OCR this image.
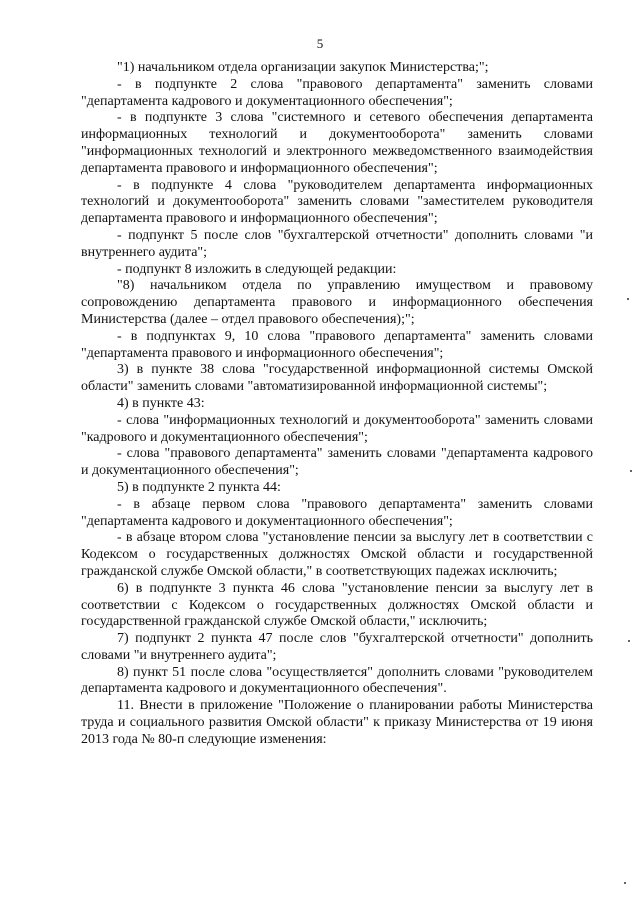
5

"1) начальником отдела организации закупок Министерства;";

- в подпункте 2 слова "правового департамента" заменить словами "департамента кадрового и документационного обеспечения";

- в подпункте 3 слова "системного и сетевого обеспечения департамента информационных технологий и документооборота" заменить словами "информационных технологий и электронного межведомственного взаимодействия департамента правового и информационного обеспечения";

- в подпункте 4 слова "руководителем департамента информационных технологий и документооборота" заменить словами "заместителем руководителя департамента правового и информационного обеспечения";

- подпункт 5 после слов "бухгалтерской отчетности" дополнить словами "и внутреннего аудита";

- подпункт 8 изложить в следующей редакции:

"8) начальником отдела по управлению имуществом и правовому сопровождению департамента правового и информационного обеспечения Министерства (далее – отдел правового обеспечения);";

- в подпунктах 9, 10 слова "правового департамента" заменить словами "департамента правового и информационного обеспечения";

3) в пункте 38 слова "государственной информационной системы Омской области" заменить словами "автоматизированной информационной системы";

4) в пункте 43:

- слова "информационных технологий и документооборота" заменить словами "кадрового и документационного обеспечения";

- слова "правового департамента" заменить словами "департамента кадрового и документационного обеспечения";

5) в подпункте 2 пункта 44:

- в абзаце первом слова "правового департамента" заменить словами "департамента кадрового и документационного обеспечения";

- в абзаце втором слова "установление пенсии за выслугу лет в соответствии с Кодексом о государственных должностях Омской области и государственной гражданской службе Омской области," в соответствующих падежах исключить;

6) в подпункте 3 пункта 46 слова "установление пенсии за выслугу лет в соответствии с Кодексом о государственных должностях Омской области и государственной гражданской службе Омской области," исключить;

7) подпункт 2 пункта 47 после слов "бухгалтерской отчетности" дополнить словами "и внутреннего аудита";

8) пункт 51 после слова "осуществляется" дополнить словами "руководителем департамента кадрового и документационного обеспечения".

11. Внести в приложение "Положение о планировании работы Министерства труда и социального развития Омской области" к приказу Министерства от 19 июня 2013 года № 80-п следующие изменения:
